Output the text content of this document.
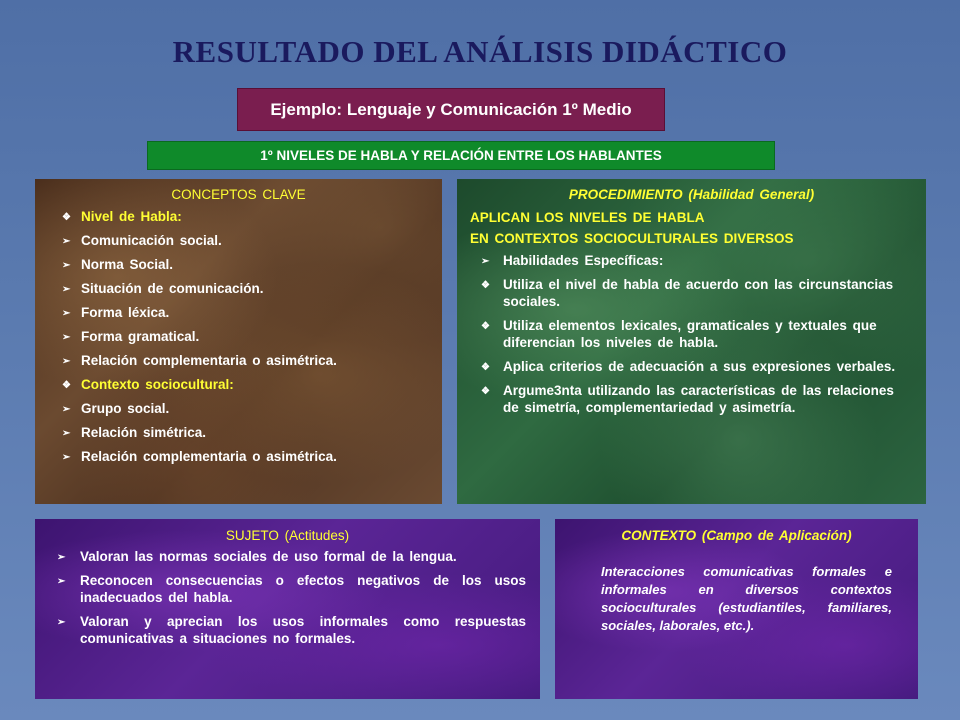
RESULTADO DEL ANÁLISIS DIDÁCTICO
Ejemplo: Lenguaje y Comunicación 1º Medio
1º NIVELES DE HABLA Y RELACIÓN ENTRE LOS HABLANTES
CONCEPTOS CLAVE
❖ Nivel de Habla:
➢ Comunicación social.
➢ Norma Social.
➢ Situación de comunicación.
➢ Forma léxica.
➢ Forma gramatical.
➢ Relación complementaria o asimétrica.
❖ Contexto sociocultural:
➢ Grupo social.
➢ Relación simétrica.
➢ Relación complementaria o asimétrica.
PROCEDIMIENTO (Habilidad General)
APLICAN LOS NIVELES DE HABLA
EN CONTEXTOS SOCIOCULTURALES DIVERSOS
➢ Habilidades Específicas:
❖ Utiliza el nivel de habla de acuerdo con las circunstancias sociales.
❖ Utiliza elementos lexicales, gramaticales y textuales que diferencian los niveles de habla.
❖ Aplica criterios de adecuación a sus expresiones verbales.
❖ Argume3nta utilizando las características de las relaciones de simetría, complementariedad y asimetría.
SUJETO (Actitudes)
➢ Valoran las normas sociales de uso formal de la lengua.
➢ Reconocen consecuencias o efectos negativos de los usos inadecuados del habla.
➢ Valoran y aprecian los usos informales como respuestas comunicativas a situaciones no formales.
CONTEXTO (Campo de Aplicación)
Interacciones comunicativas formales e informales en diversos contextos socioculturales (estudiantiles, familiares, sociales, laborales, etc.).
